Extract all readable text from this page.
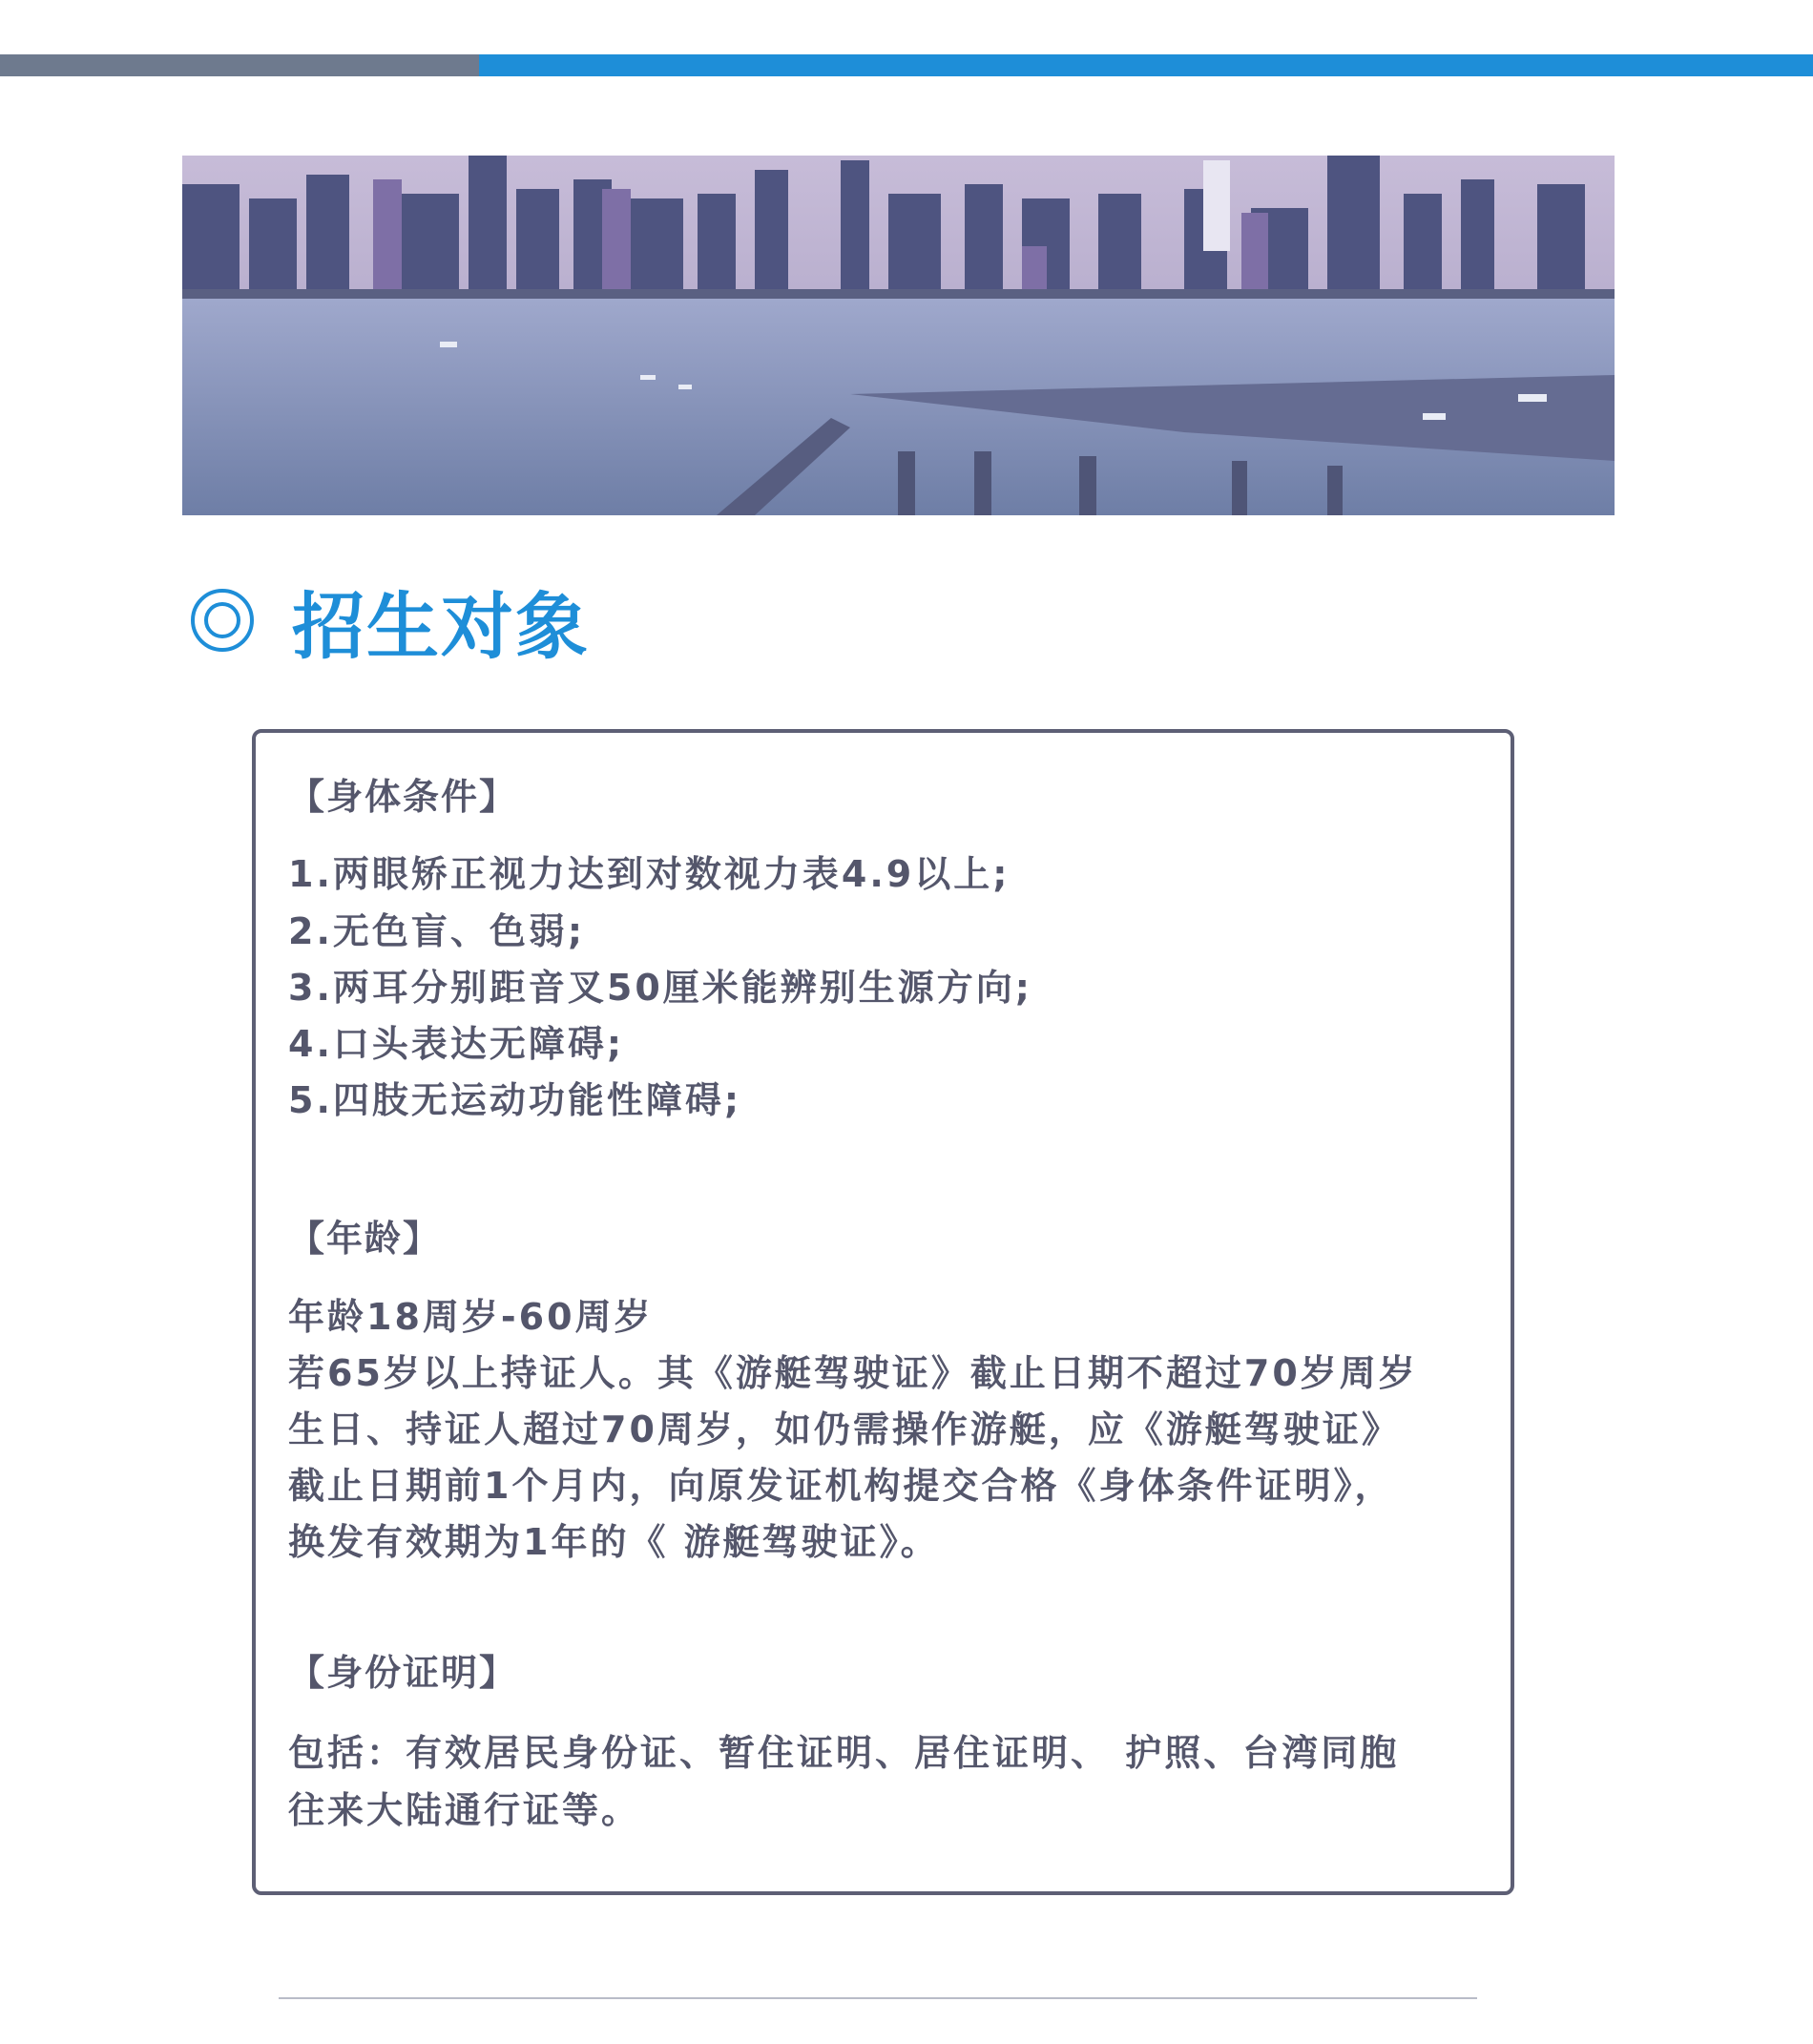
招生对象
【身体条件】
1.两眼矫正视力达到对数视力表4.9以上;
2.无色盲、色弱;
3.两耳分别距音叉50厘米能辨别生源方向;
4.口头表达无障碍;
5.四肢无运动功能性障碍;
【年龄】
年龄18周岁-60周岁
若65岁以上持证人。其《游艇驾驶证》截止日期不超过70岁周岁
生日、持证人超过70周岁，如仍需操作游艇，应《游艇驾驶证》
截止日期前1个月内，向原发证机构提交合格《身体条件证明》，
换发有效期为1年的《 游艇驾驶证》。
【身份证明】
包括：有效居民身份证、暂住证明、居住证明、 护照、台湾同胞
往来大陆通行证等。
